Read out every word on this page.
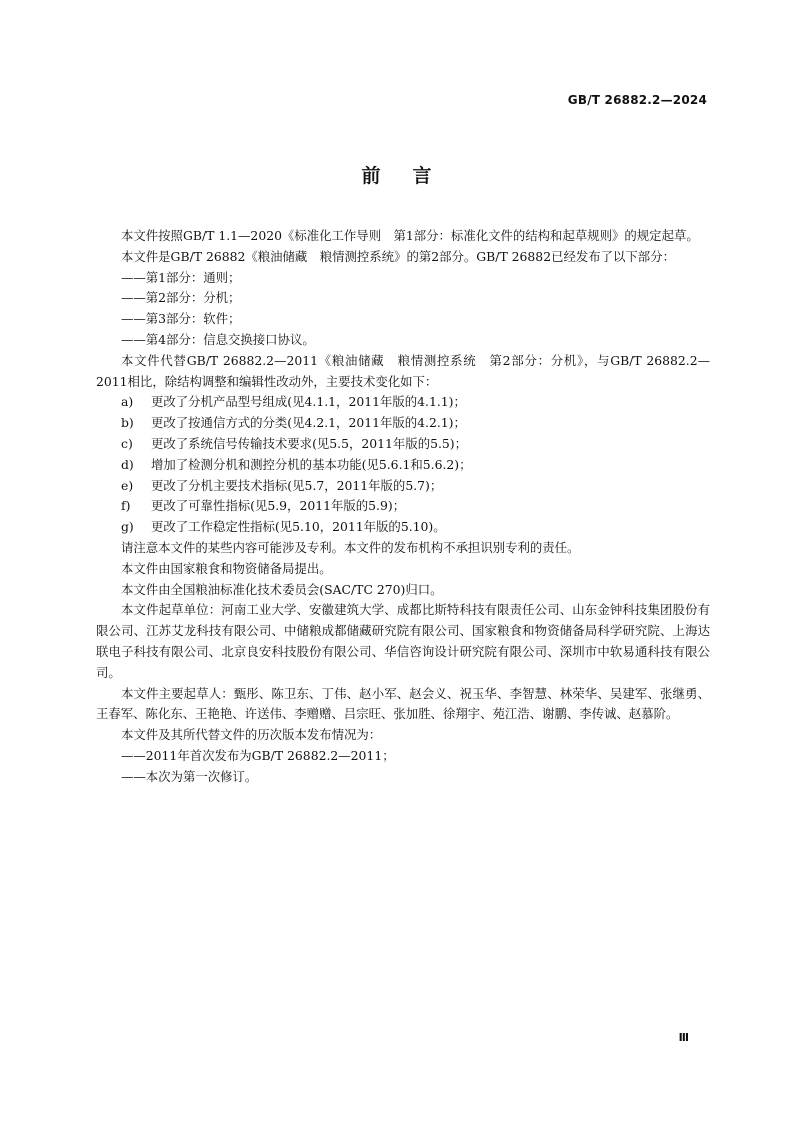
GB/T 26882.2—2024
前言

本文件按照GB/T 1.1—2020《标准化工作导则　第1部分：标准化文件的结构和起草规则》的规定起草。

本文件是GB/T 26882《粮油储藏　粮情测控系统》的第2部分。GB/T 26882已经发布了以下部分：

——第1部分：通则；

——第2部分：分机；

——第3部分：软件；

——第4部分：信息交换接口协议。

本文件代替GB/T 26882.2—2011《粮油储藏　粮情测控系统　第2部分：分机》，与GB/T 26882.2—2011相比，除结构调整和编辑性改动外，主要技术变化如下：

a) 更改了分机产品型号组成(见4.1.1，2011年版的4.1.1)；

b) 更改了按通信方式的分类(见4.2.1，2011年版的4.2.1)；

c) 更改了系统信号传输技术要求(见5.5，2011年版的5.5)；

d) 增加了检测分机和测控分机的基本功能(见5.6.1和5.6.2)；

e) 更改了分机主要技术指标(见5.7，2011年版的5.7)；

f) 更改了可靠性指标(见5.9，2011年版的5.9)；

g) 更改了工作稳定性指标(见5.10，2011年版的5.10)。

请注意本文件的某些内容可能涉及专利。本文件的发布机构不承担识别专利的责任。

本文件由国家粮食和物资储备局提出。

本文件由全国粮油标准化技术委员会(SAC/TC 270)归口。

本文件起草单位：河南工业大学、安徽建筑大学、成都比斯特科技有限责任公司、山东金钟科技集团股份有限公司、江苏艾龙科技有限公司、中储粮成都储藏研究院有限公司、国家粮食和物资储备局科学研究院、上海达联电子科技有限公司、北京良安科技股份有限公司、华信咨询设计研究院有限公司、深圳市中软易通科技有限公司。

本文件主要起草人：甄彤、陈卫东、丁伟、赵小军、赵会义、祝玉华、李智慧、林荣华、吴建军、张继勇、王春军、陈化东、王艳艳、许送伟、李赠赠、吕宗旺、张加胜、徐翔宇、苑江浩、谢鹏、李传诚、赵慕阶。

本文件及其所代替文件的历次版本发布情况为：

——2011年首次发布为GB/T 26882.2—2011；

——本次为第一次修订。

Ⅲ
